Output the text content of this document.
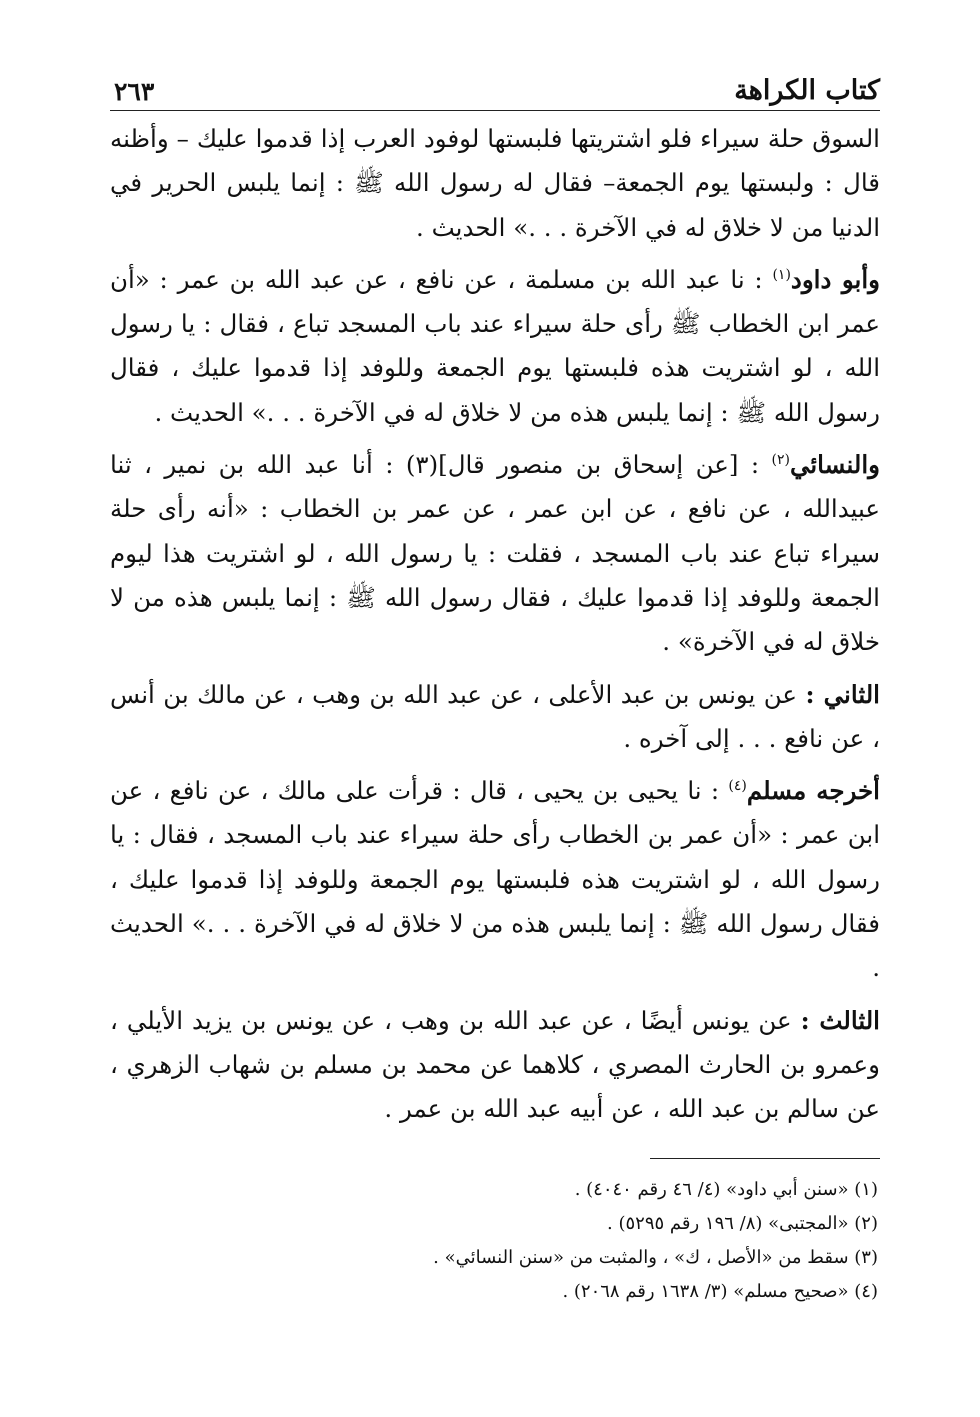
كتاب الكراهة
٢٦٣

السوق حلة سيراء فلو اشتريتها فلبستها لوفود العرب إذا قدموا عليك – وأظنه قال : ولبستها يوم الجمعة– فقال له رسول الله ﷺ : إنما يلبس الحرير في الدنيا من لا خلاق له في الآخرة . . .» الحديث .

وأبو داود$^{(١)}$ : نا عبد الله بن مسلمة ، عن نافع ، عن عبد الله بن عمر : «أن عمر ابن الخطاب ﷺ رأى حلة سيراء عند باب المسجد تباع ، فقال : يا رسول الله ، لو اشتريت هذه فلبستها يوم الجمعة وللوفد إذا قدموا عليك ، فقال رسول الله ﷺ : إنما يلبس هذه من لا خلاق له في الآخرة . . .» الحديث .

والنسائي$^{(٢)}$ : [عن إسحاق بن منصور قال](٣) : أنا عبد الله بن نمير ، ثنا عبيدالله ، عن نافع ، عن ابن عمر ، عن عمر بن الخطاب : «أنه رأى حلة سيراء تباع عند باب المسجد ، فقلت : يا رسول الله ، لو اشتريت هذا ليوم الجمعة وللوفد إذا قدموا عليك ، فقال رسول الله ﷺ : إنما يلبس هذه من لا خلاق له في الآخرة» .

الثاني : عن يونس بن عبد الأعلى ، عن عبد الله بن وهب ، عن مالك بن أنس ، عن نافع . . . إلى آخره .

أخرجه مسلم$^{(٤)}$ : نا يحيى بن يحيى ، قال : قرأت على مالك ، عن نافع ، عن ابن عمر : «أن عمر بن الخطاب رأى حلة سيراء عند باب المسجد ، فقال : يا رسول الله ، لو اشتريت هذه فلبستها يوم الجمعة وللوفد إذا قدموا عليك ، فقال رسول الله ﷺ : إنما يلبس هذه من لا خلاق له في الآخرة . . .» الحديث .

الثالث : عن يونس أيضًا ، عن عبد الله بن وهب ، عن يونس بن يزيد الأيلي ، وعمرو بن الحارث المصري ، كلاهما عن محمد بن مسلم بن شهاب الزهري ، عن سالم بن عبد الله ، عن أبيه عبد الله بن عمر .

(١) «سنن أبي داود» (٤/ ٤٦ رقم ٤٠٤٠) .

(٢) «المجتبى» (٨/ ١٩٦ رقم ٥٢٩٥) .

(٣) سقط من «الأصل ، ك» ، والمثبت من «سنن النسائي» .

(٤) «صحيح مسلم» (٣/ ١٦٣٨ رقم ٢٠٦٨) .
